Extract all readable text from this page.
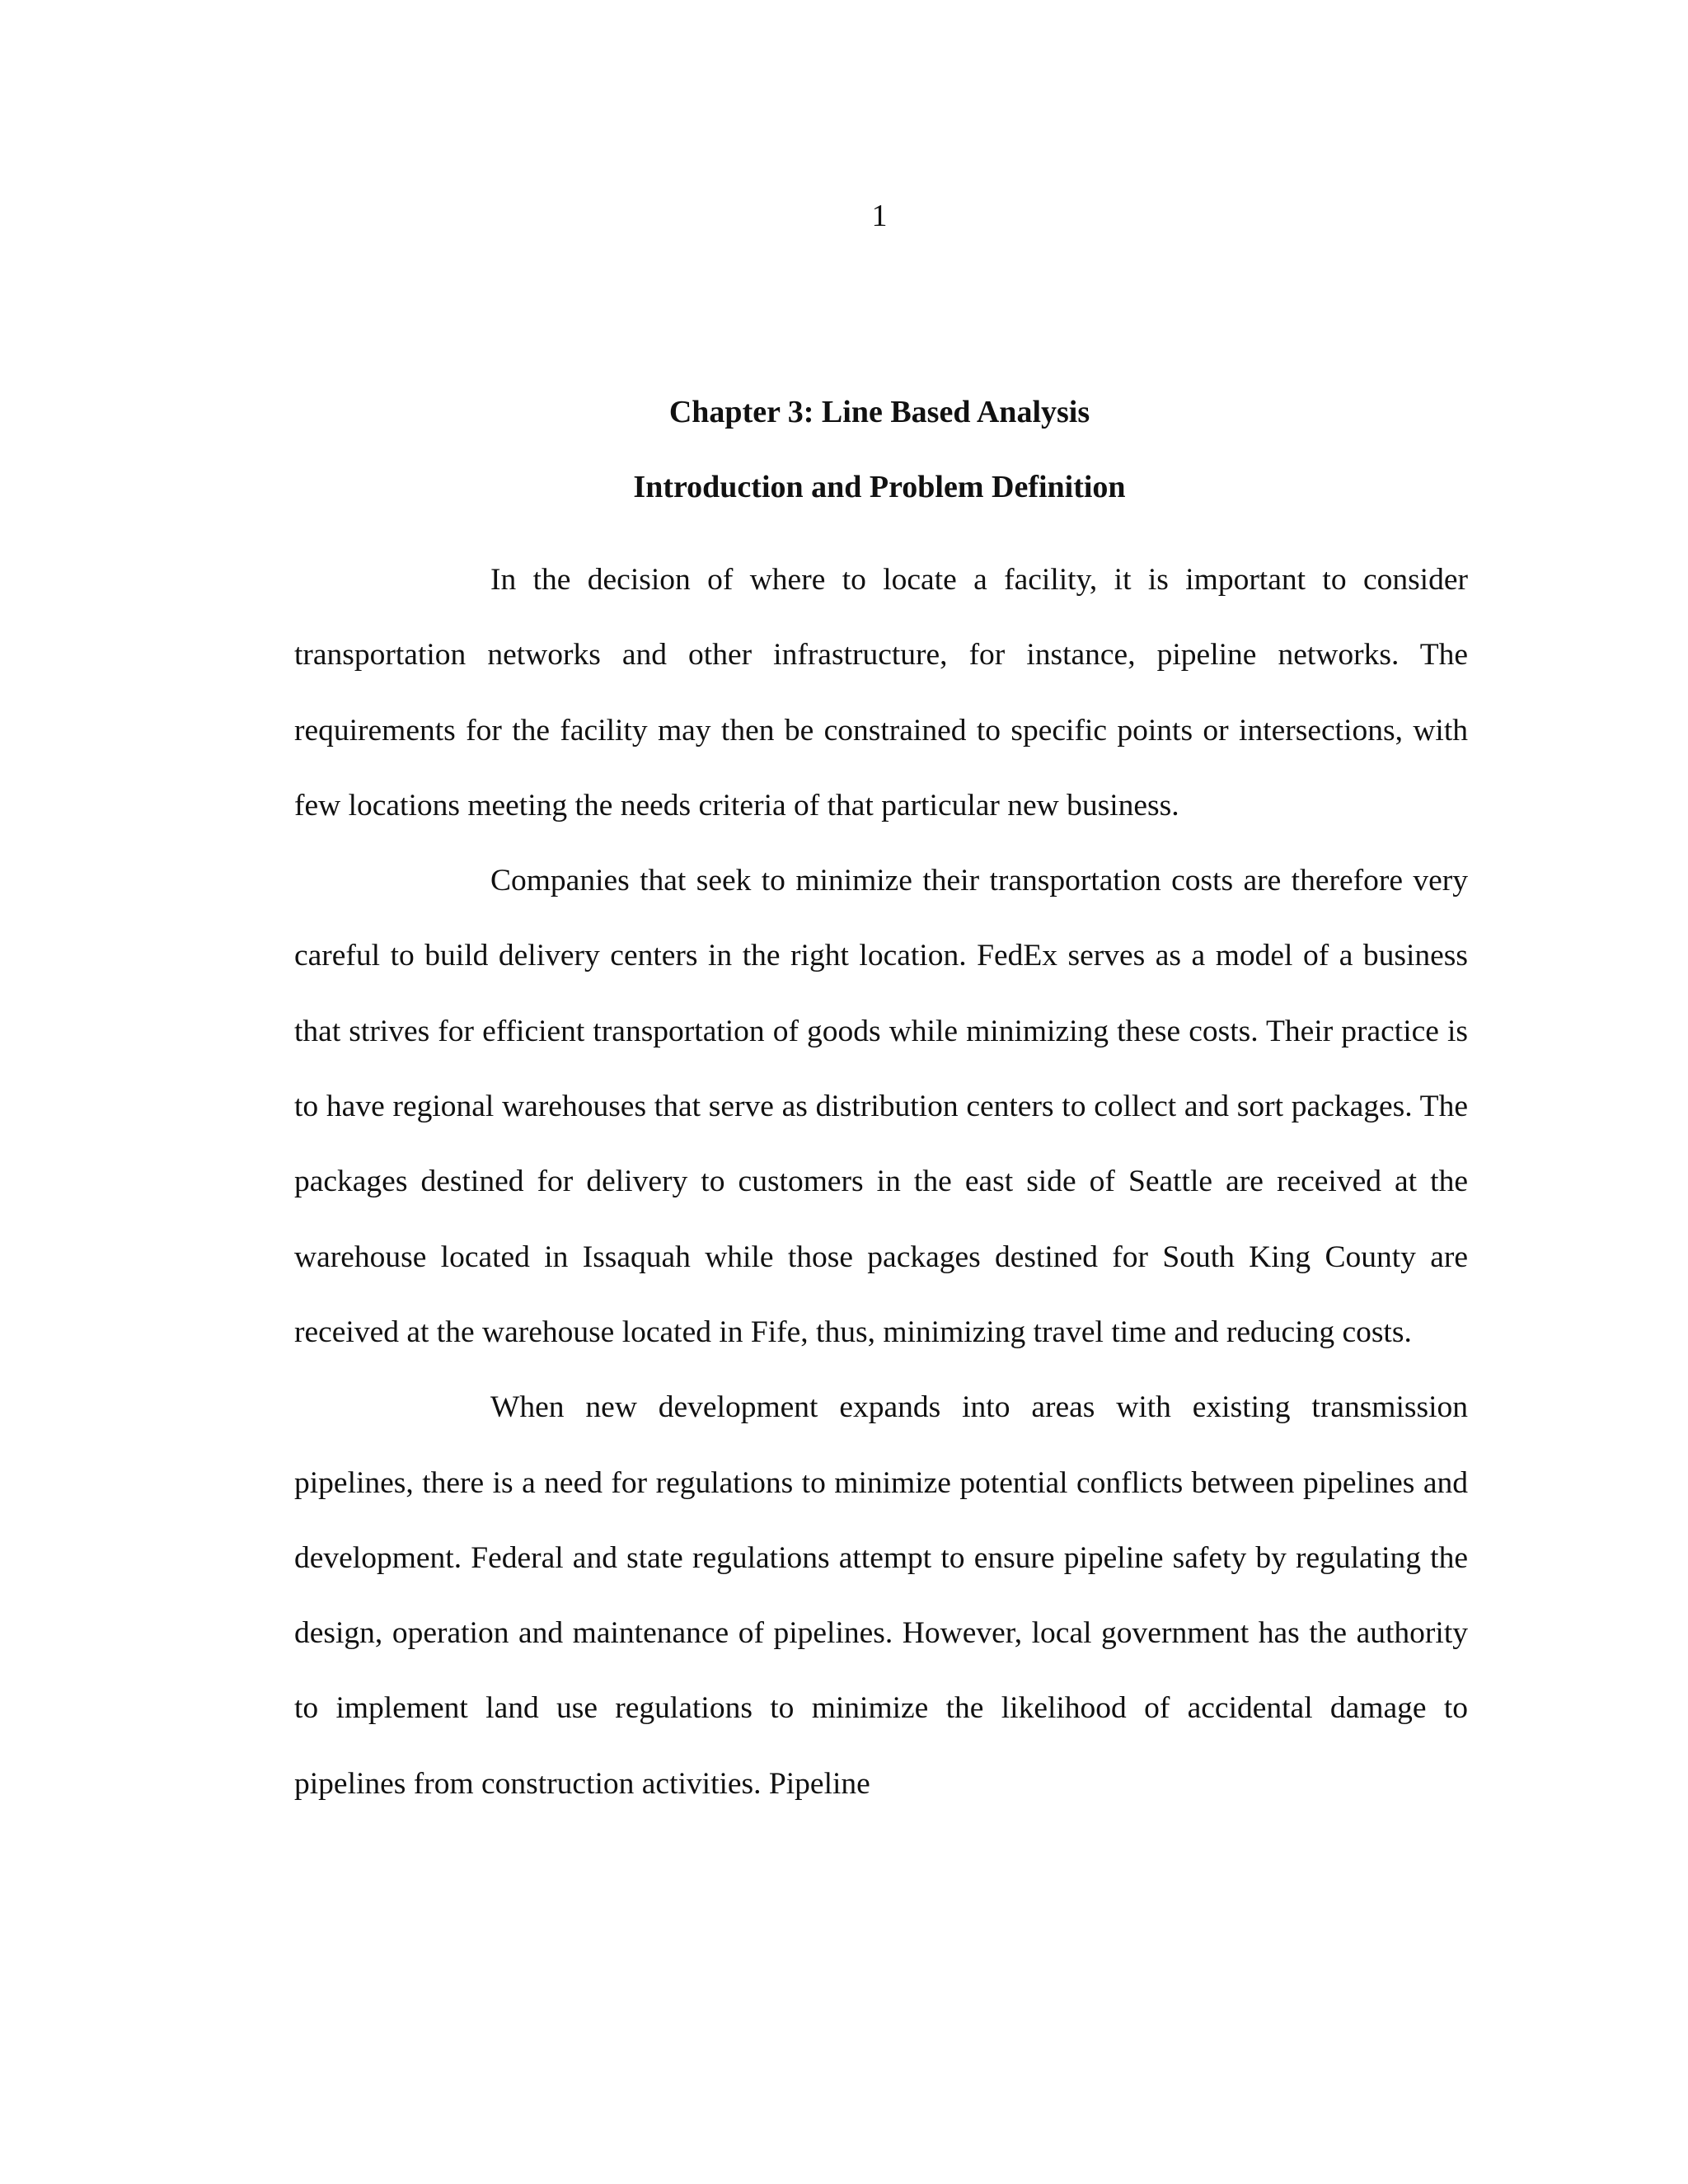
1
Chapter 3: Line Based Analysis
Introduction and Problem Definition

In the decision of where to locate a facility, it is important to consider transportation networks and other infrastructure, for instance, pipeline networks. The requirements for the facility may then be constrained to specific points or intersections, with few locations meeting the needs criteria of that particular new business.

Companies that seek to minimize their transportation costs are therefore very careful to build delivery centers in the right location. FedEx serves as a model of a business that strives for efficient transportation of goods while minimizing these costs. Their practice is to have regional warehouses that serve as distribution centers to collect and sort packages. The packages destined for delivery to customers in the east side of Seattle are received at the warehouse located in Issaquah while those packages destined for South King County are received at the warehouse located in Fife, thus, minimizing travel time and reducing costs.

When new development expands into areas with existing transmission pipelines, there is a need for regulations to minimize potential conflicts between pipelines and development. Federal and state regulations attempt to ensure pipeline safety by regulating the design, operation and maintenance of pipelines. However, local government has the authority to implement land use regulations to minimize the likelihood of accidental damage to pipelines from construction activities. Pipeline
